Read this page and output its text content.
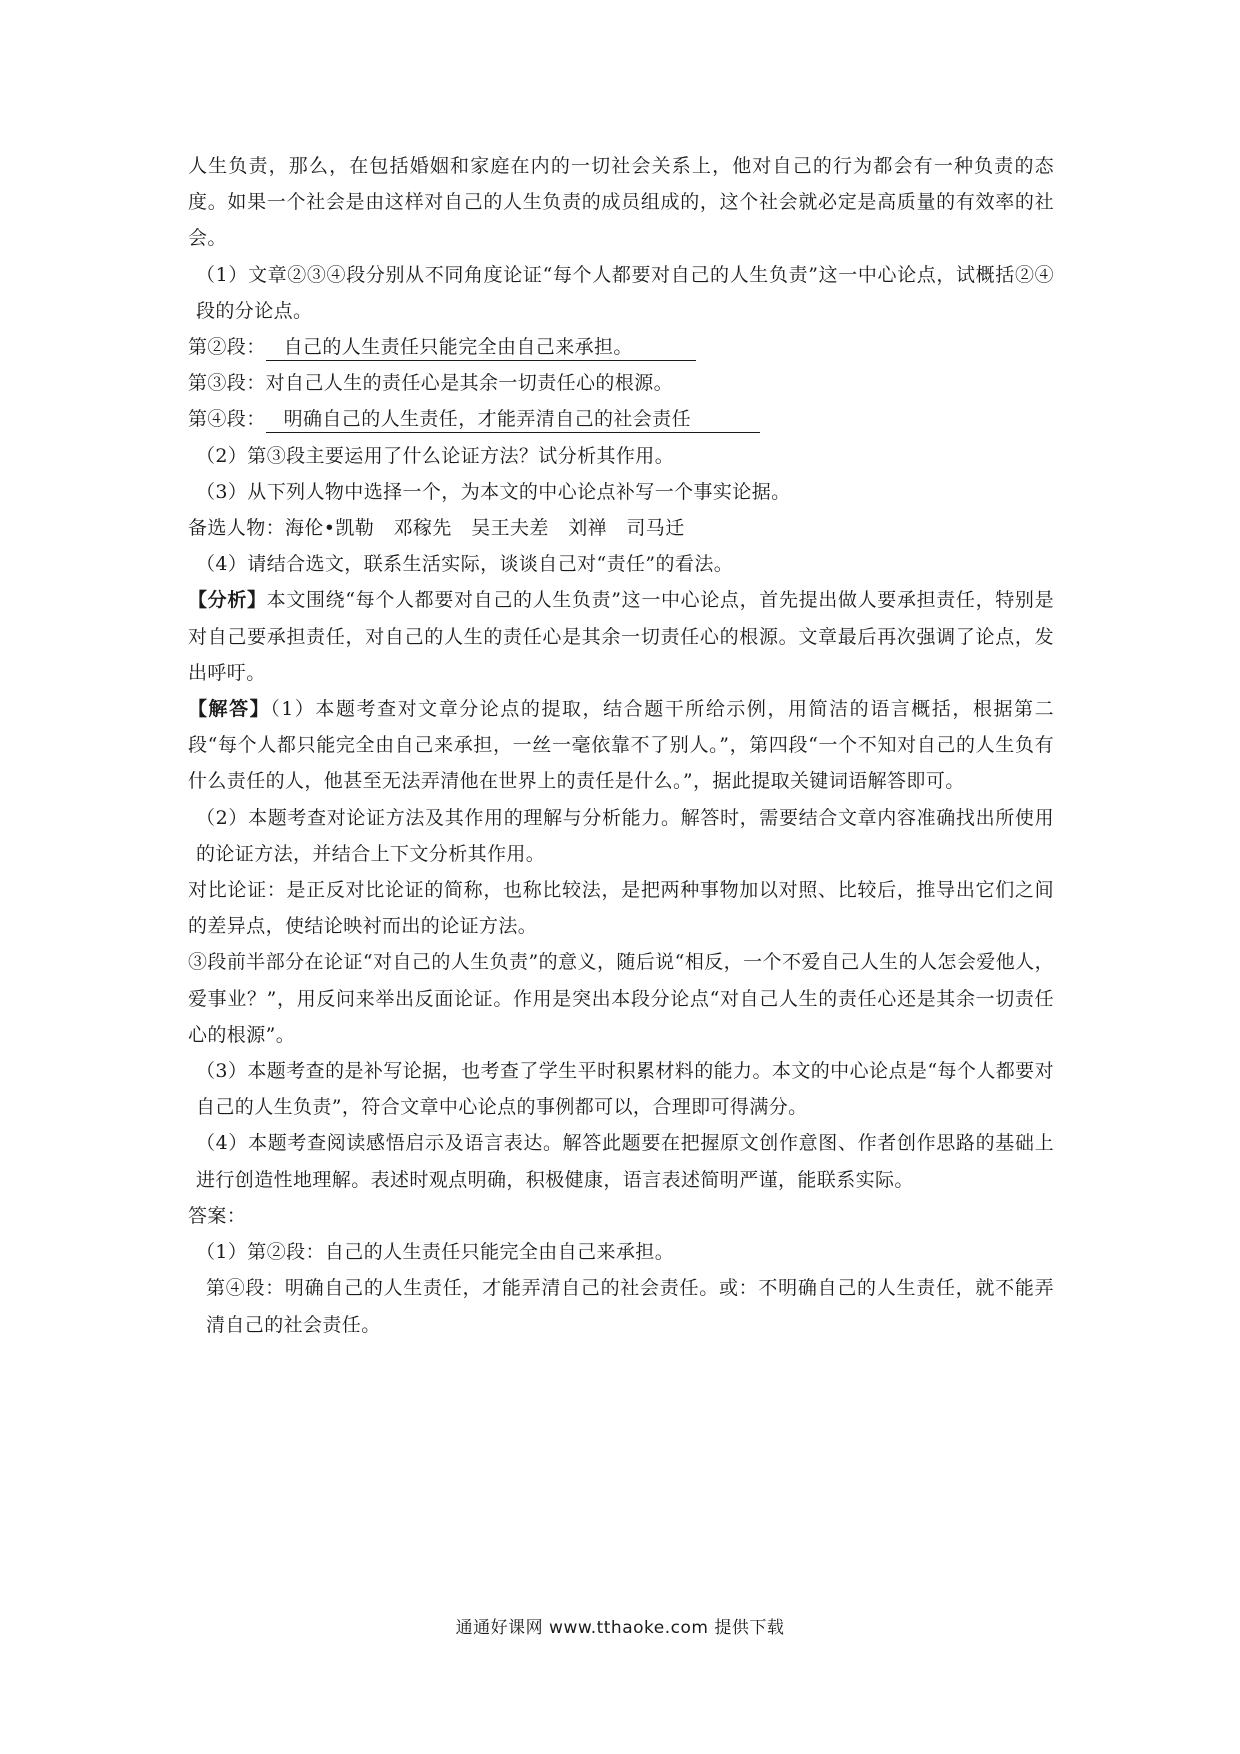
人生负责，那么，在包括婚姻和家庭在内的一切社会关系上，他对自己的行为都会有一种负责的态度。如果一个社会是由这样对自己的人生负责的成员组成的，这个社会就必定是高质量的有效率的社会。

（1）文章②③④段分别从不同角度论证“每个人都要对自己的人生负责”这一中心论点，试概括②④段的分论点。

第②段： 自己的人生责任只能完全由自己来承担。

第③段：对自己人生的责任心是其余一切责任心的根源。

第④段： 明确自己的人生责任，才能弄清自己的社会责任

（2）第③段主要运用了什么论证方法？试分析其作用。

（3）从下列人物中选择一个，为本文的中心论点补写一个事实论据。

备选人物：海伦•凯勒　邓稼先　吴王夫差　刘禅　司马迁

（4）请结合选文，联系生活实际，谈谈自己对“责任”的看法。

【分析】本文围绕“每个人都要对自己的人生负责”这一中心论点，首先提出做人要承担责任，特别是对自己要承担责任，对自己的人生的责任心是其余一切责任心的根源。文章最后再次强调了论点，发出呼吁。

【解答】（1）本题考查对文章分论点的提取，结合题干所给示例，用简洁的语言概括，根据第二段“每个人都只能完全由自己来承担，一丝一毫依靠不了别人。”，第四段“一个不知对自己的人生负有什么责任的人，他甚至无法弄清他在世界上的责任是什么。”，据此提取关键词语解答即可。

（2）本题考查对论证方法及其作用的理解与分析能力。解答时，需要结合文章内容准确找出所使用的论证方法，并结合上下文分析其作用。

对比论证：是正反对比论证的简称，也称比较法，是把两种事物加以对照、比较后，推导出它们之间的差异点，使结论映衬而出的论证方法。

③段前半部分在论证“对自己的人生负责”的意义，随后说“相反，一个不爱自己人生的人怎会爱他人，爱事业？”，用反问来举出反面论证。作用是突出本段分论点“对自己人生的责任心还是其余一切责任心的根源”。

（3）本题考查的是补写论据，也考查了学生平时积累材料的能力。本文的中心论点是“每个人都要对自己的人生负责”，符合文章中心论点的事例都可以，合理即可得满分。

（4）本题考查阅读感悟启示及语言表达。解答此题要在把握原文创作意图、作者创作思路的基础上进行创造性地理解。表述时观点明确，积极健康，语言表述简明严谨，能联系实际。

答案：

（1）第②段：自己的人生责任只能完全由自己来承担。

第④段：明确自己的人生责任，才能弄清自己的社会责任。或：不明确自己的人生责任，就不能弄清自己的社会责任。

通通好课网 www.tthaoke.com 提供下载
